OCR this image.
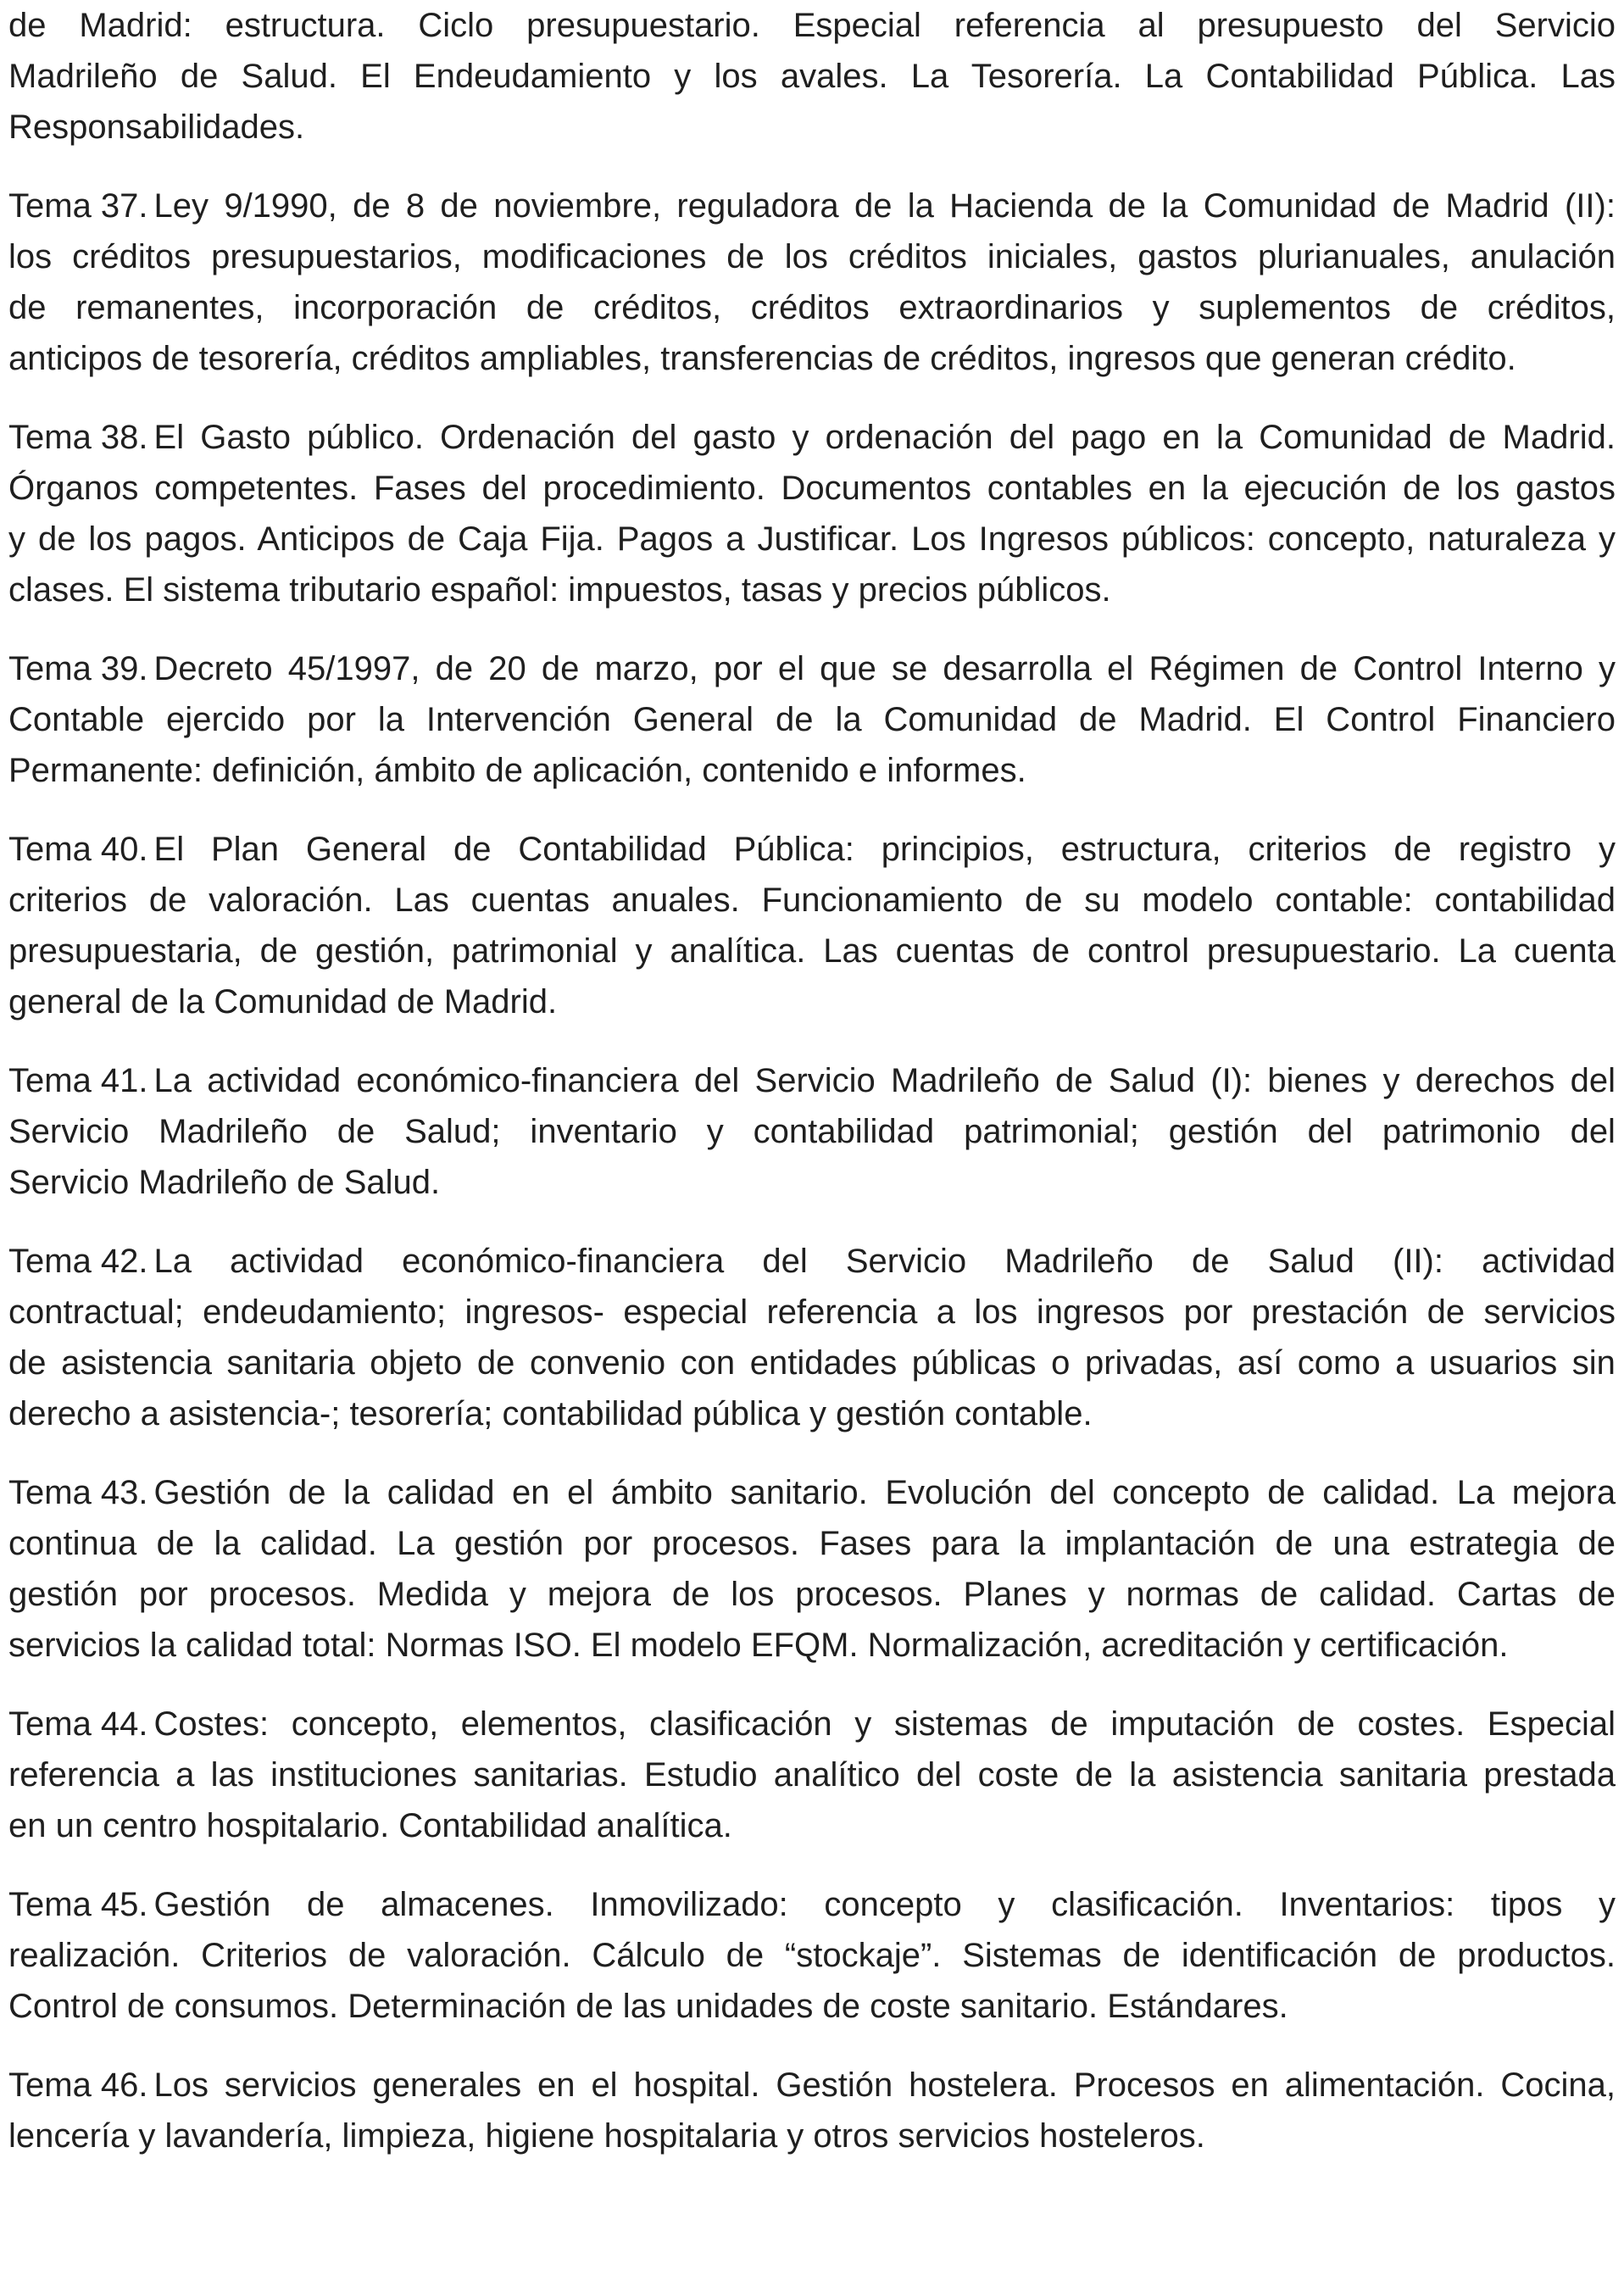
de Madrid: estructura. Ciclo presupuestario. Especial referencia al presupuesto del Servicio
Madrileño de Salud. El Endeudamiento y los avales. La Tesorería. La Contabilidad Pública. Las
Responsabilidades.
Tema 37. Ley 9/1990, de 8 de noviembre, reguladora de la Hacienda de la Comunidad de Madrid (II):
los créditos presupuestarios, modificaciones de los créditos iniciales, gastos plurianuales, anulación
de remanentes, incorporación de créditos, créditos extraordinarios y suplementos de créditos,
anticipos de tesorería, créditos ampliables, transferencias de créditos, ingresos que generan crédito.
Tema 38. El Gasto público. Ordenación del gasto y ordenación del pago en la Comunidad de Madrid.
Órganos competentes. Fases del procedimiento. Documentos contables en la ejecución de los gastos
y de los pagos. Anticipos de Caja Fija. Pagos a Justificar. Los Ingresos públicos: concepto, naturaleza y
clases. El sistema tributario español: impuestos, tasas y precios públicos.
Tema 39. Decreto 45/1997, de 20 de marzo, por el que se desarrolla el Régimen de Control Interno y
Contable ejercido por la Intervención General de la Comunidad de Madrid. El Control Financiero
Permanente: definición, ámbito de aplicación, contenido e informes.
Tema 40. El Plan General de Contabilidad Pública: principios, estructura, criterios de registro y
criterios de valoración. Las cuentas anuales. Funcionamiento de su modelo contable: contabilidad
presupuestaria, de gestión, patrimonial y analítica. Las cuentas de control presupuestario. La cuenta
general de la Comunidad de Madrid.
Tema 41. La actividad económico-financiera del Servicio Madrileño de Salud (I): bienes y derechos del
Servicio Madrileño de Salud; inventario y contabilidad patrimonial; gestión del patrimonio del
Servicio Madrileño de Salud.
Tema 42. La actividad económico-financiera del Servicio Madrileño de Salud (II): actividad
contractual; endeudamiento; ingresos- especial referencia a los ingresos por prestación de servicios
de asistencia sanitaria objeto de convenio con entidades públicas o privadas, así como a usuarios sin
derecho a asistencia-; tesorería; contabilidad pública y gestión contable.
Tema 43. Gestión de la calidad en el ámbito sanitario. Evolución del concepto de calidad. La mejora
continua de la calidad. La gestión por procesos. Fases para la implantación de una estrategia de
gestión por procesos. Medida y mejora de los procesos. Planes y normas de calidad. Cartas de
servicios la calidad total: Normas ISO. El modelo EFQM. Normalización, acreditación y certificación.
Tema 44. Costes: concepto, elementos, clasificación y sistemas de imputación de costes. Especial
referencia a las instituciones sanitarias. Estudio analítico del coste de la asistencia sanitaria prestada
en un centro hospitalario. Contabilidad analítica.
Tema 45. Gestión de almacenes. Inmovilizado: concepto y clasificación. Inventarios: tipos y
realización. Criterios de valoración. Cálculo de “stockaje”. Sistemas de identificación de productos.
Control de consumos. Determinación de las unidades de coste sanitario. Estándares.
Tema 46. Los servicios generales en el hospital. Gestión hostelera. Procesos en alimentación. Cocina,
lencería y lavandería, limpieza, higiene hospitalaria y otros servicios hosteleros.
